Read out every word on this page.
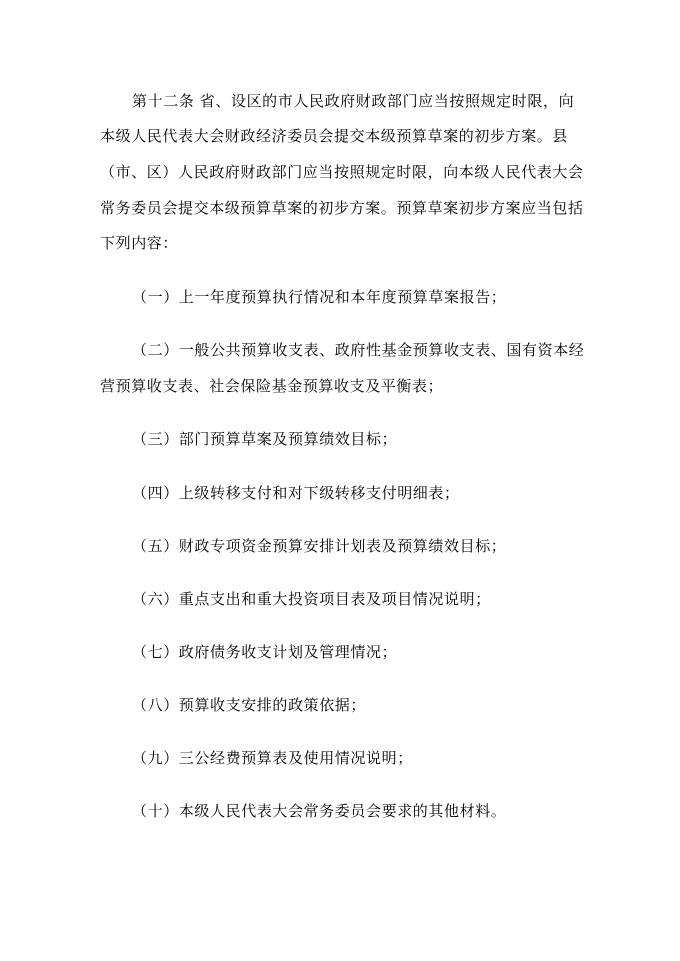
第十二条 省、设区的市人民政府财政部门应当按照规定时限，向
本级人民代表大会财政经济委员会提交本级预算草案的初步方案。县
（市、区）人民政府财政部门应当按照规定时限，向本级人民代表大会
常务委员会提交本级预算草案的初步方案。预算草案初步方案应当包括
下列内容：
（一）上一年度预算执行情况和本年度预算草案报告；
（二）一般公共预算收支表、政府性基金预算收支表、国有资本经
营预算收支表、社会保险基金预算收支及平衡表；
（三）部门预算草案及预算绩效目标；
（四）上级转移支付和对下级转移支付明细表；
（五）财政专项资金预算安排计划表及预算绩效目标；
（六）重点支出和重大投资项目表及项目情况说明；
（七）政府债务收支计划及管理情况；
（八）预算收支安排的政策依据；
（九）三公经费预算表及使用情况说明；
（十）本级人民代表大会常务委员会要求的其他材料。
